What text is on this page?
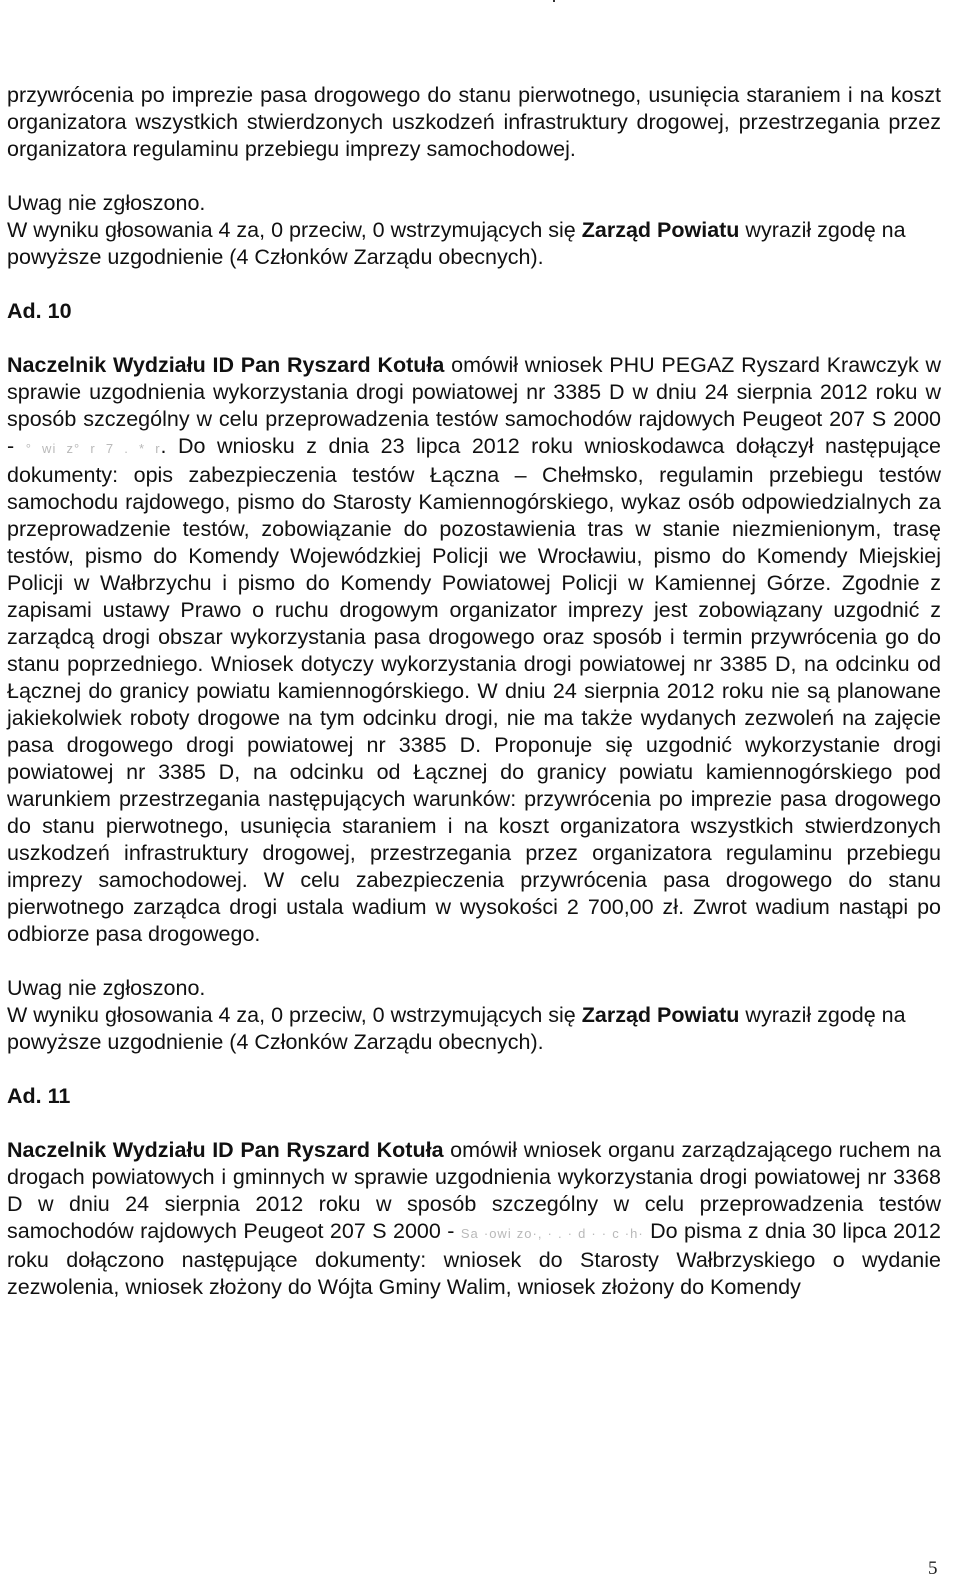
przywrócenia po imprezie pasa drogowego do stanu pierwotnego, usunięcia staraniem i na koszt organizatora wszystkich stwierdzonych uszkodzeń infrastruktury drogowej, przestrzegania przez organizatora regulaminu przebiegu imprezy samochodowej.

Uwag nie zgłoszono.

W wyniku głosowania 4 za, 0 przeciw, 0 wstrzymujących się Zarząd Powiatu wyraził zgodę na powyższe uzgodnienie (4 Członków Zarządu obecnych).

Ad. 10

Naczelnik Wydziału ID Pan Ryszard Kotuła omówił wniosek PHU PEGAZ Ryszard Krawczyk w sprawie uzgodnienia wykorzystania drogi powiatowej nr 3385 D w dniu 24 sierpnia 2012 roku w sposób szczególny w celu przeprowadzenia testów samochodów rajdowych Peugeot 207 S 2000 - ° wi z° r 7 . * r. Do wniosku z dnia 23 lipca 2012 roku wnioskodawca dołączył następujące dokumenty: opis zabezpieczenia testów Łączna – Chełmsko, regulamin przebiegu testów samochodu rajdowego, pismo do Starosty Kamiennogórskiego, wykaz osób odpowiedzialnych za przeprowadzenie testów, zobowiązanie do pozostawienia tras w stanie niezmienionym, trasę testów, pismo do Komendy Wojewódzkiej Policji we Wrocławiu, pismo do Komendy Miejskiej Policji w Wałbrzychu i pismo do Komendy Powiatowej Policji w Kamiennej Górze. Zgodnie z zapisami ustawy Prawo o ruchu drogowym organizator imprezy jest zobowiązany uzgodnić z zarządcą drogi obszar wykorzystania pasa drogowego oraz sposób i termin przywrócenia go do stanu poprzedniego. Wniosek dotyczy wykorzystania drogi powiatowej nr 3385 D, na odcinku od Łącznej do granicy powiatu kamiennogórskiego. W dniu 24 sierpnia 2012 roku nie są planowane jakiekolwiek roboty drogowe na tym odcinku drogi, nie ma także wydanych zezwoleń na zajęcie pasa drogowego drogi powiatowej nr 3385 D. Proponuje się uzgodnić wykorzystanie drogi powiatowej nr 3385 D, na odcinku od Łącznej do granicy powiatu kamiennogórskiego pod warunkiem przestrzegania następujących warunków: przywrócenia po imprezie pasa drogowego do stanu pierwotnego, usunięcia staraniem i na koszt organizatora wszystkich stwierdzonych uszkodzeń infrastruktury drogowej, przestrzegania przez organizatora regulaminu przebiegu imprezy samochodowej. W celu zabezpieczenia przywrócenia pasa drogowego do stanu pierwotnego zarządca drogi ustala wadium w wysokości 2 700,00 zł. Zwrot wadium nastąpi po odbiorze pasa drogowego.

Uwag nie zgłoszono.

W wyniku głosowania 4 za, 0 przeciw, 0 wstrzymujących się Zarząd Powiatu wyraził zgodę na powyższe uzgodnienie (4 Członków Zarządu obecnych).

Ad. 11

Naczelnik Wydziału ID Pan Ryszard Kotuła omówił wniosek organu zarządzającego ruchem na drogach powiatowych i gminnych w sprawie uzgodnienia wykorzystania drogi powiatowej nr 3368 D w dniu 24 sierpnia 2012 roku w sposób szczególny w celu przeprowadzenia testów samochodów rajdowych Peugeot 207 S 2000 - Sa ·owi zo·, · . · d · · c ·h· Do pisma z dnia 30 lipca 2012 roku dołączono następujące dokumenty: wniosek do Starosty Wałbrzyskiego o wydanie zezwolenia, wniosek złożony do Wójta Gminy Walim, wniosek złożony do Komendy

5
